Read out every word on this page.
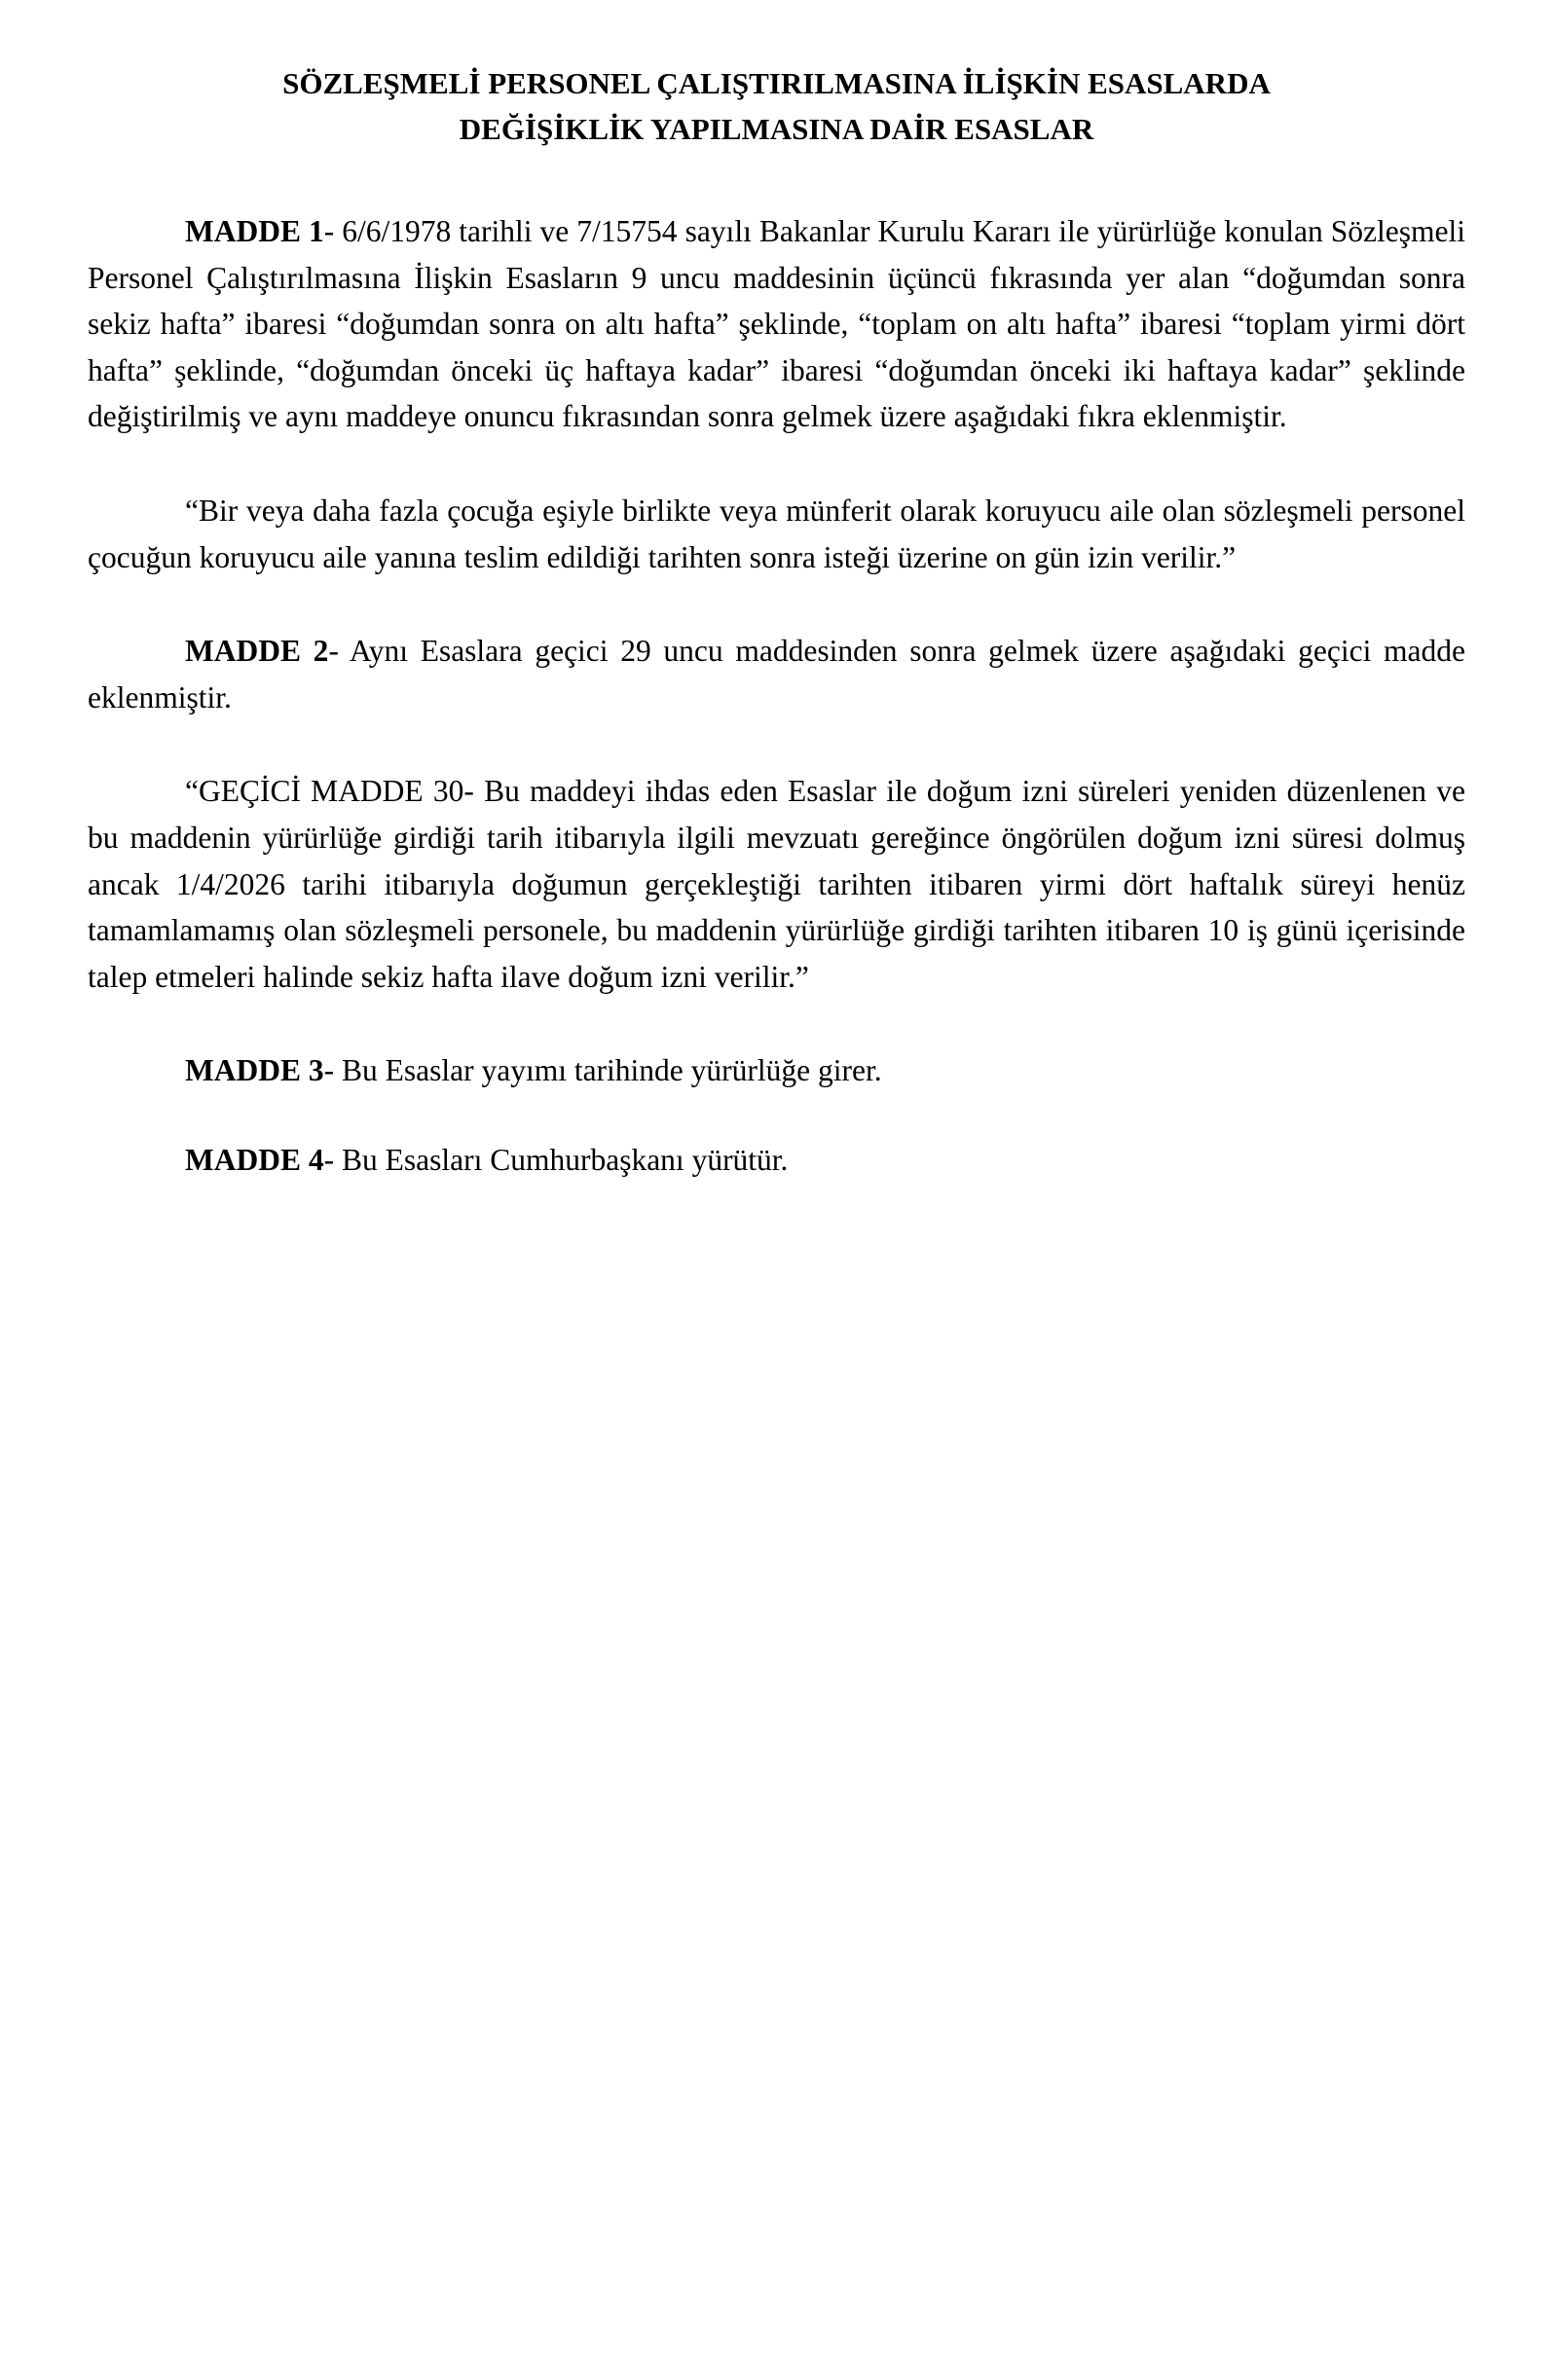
SÖZLEŞMELİ PERSONEL ÇALIŞTIRILMASINA İLİŞKİN ESASLARDA
DEĞİŞİKLİK YAPILMASINA DAİR ESASLAR

MADDE 1- 6/6/1978 tarihli ve 7/15754 sayılı Bakanlar Kurulu Kararı ile yürürlüğe konulan Sözleşmeli Personel Çalıştırılmasına İlişkin Esasların 9 uncu maddesinin üçüncü fıkrasında yer alan “doğumdan sonra sekiz hafta” ibaresi “doğumdan sonra on altı hafta” şeklinde, “toplam on altı hafta” ibaresi “toplam yirmi dört hafta” şeklinde, “doğumdan önceki üç haftaya kadar” ibaresi “doğumdan önceki iki haftaya kadar” şeklinde değiştirilmiş ve aynı maddeye onuncu fıkrasından sonra gelmek üzere aşağıdaki fıkra eklenmiştir.

“Bir veya daha fazla çocuğa eşiyle birlikte veya münferit olarak koruyucu aile olan sözleşmeli personel çocuğun koruyucu aile yanına teslim edildiği tarihten sonra isteği üzerine on gün izin verilir.”

MADDE 2- Aynı Esaslara geçici 29 uncu maddesinden sonra gelmek üzere aşağıdaki geçici madde eklenmiştir.

“GEÇİCİ MADDE 30- Bu maddeyi ihdas eden Esaslar ile doğum izni süreleri yeniden düzenlenen ve bu maddenin yürürlüğe girdiği tarih itibarıyla ilgili mevzuatı gereğince öngörülen doğum izni süresi dolmuş ancak 1/4/2026 tarihi itibarıyla doğumun gerçekleştiği tarihten itibaren yirmi dört haftalık süreyi henüz tamamlamamış olan sözleşmeli personele, bu maddenin yürürlüğe girdiği tarihten itibaren 10 iş günü içerisinde talep etmeleri halinde sekiz hafta ilave doğum izni verilir.”

MADDE 3- Bu Esaslar yayımı tarihinde yürürlüğe girer.

MADDE 4- Bu Esasları Cumhurbaşkanı yürütür.
